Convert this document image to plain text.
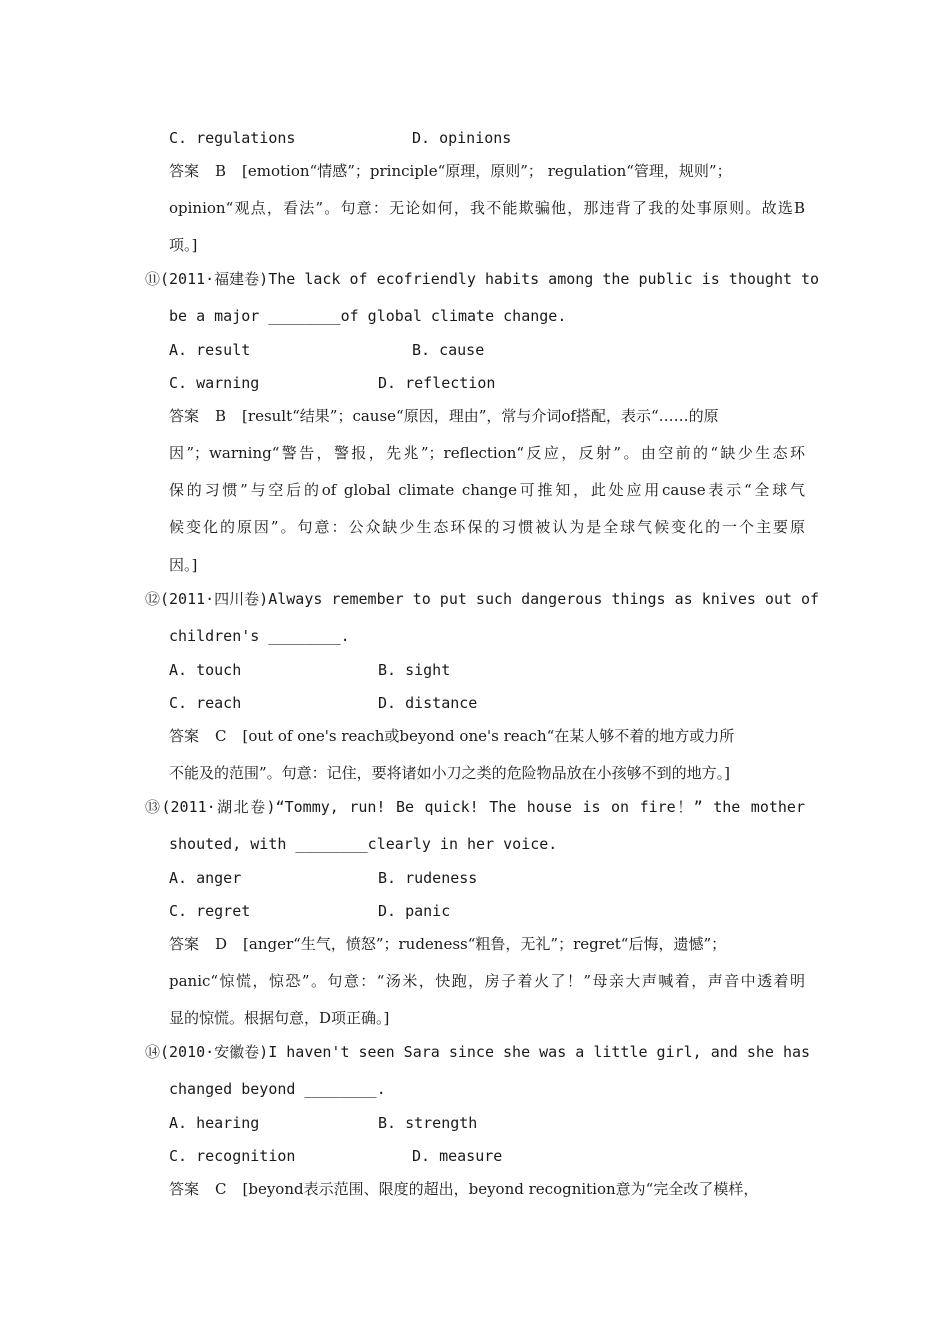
C. regulations	D. opinions
答案 B [emotion“情感”；principle“原理，原则”； regulation“管理，规则”；
opinion“观点，看法”。句意：无论如何，我不能欺骗他，那违背了我的处事原则。故选B
项。]
⑪(2011·福建卷)The lack of ecofriendly habits among the public is thought to
be a major ________of global climate change.
A. result	B. cause
C. warning	D. reflection
答案 B [result“结果”；cause“原因，理由”，常与介词of搭配，表示“……的原
因”；warning“警告，警报，先兆”；reflection“反应，反射”。由空前的“缺少生态环
保的习惯”与空后的of global climate change可推知，此处应用cause表示“全球气
候变化的原因”。句意：公众缺少生态环保的习惯被认为是全球气候变化的一个主要原
因。]
⑫(2011·四川卷)Always remember to put such dangerous things as knives out of
children's ________.
A. touch	B. sight
C. reach	D. distance
答案 C [out of one's reach或beyond one's reach“在某人够不着的地方或力所
不能及的范围”。句意：记住，要将诸如小刀之类的危险物品放在小孩够不到的地方。]
⑬(2011·湖北卷)“Tommy, run! Be quick! The house is on fire！” the mother
shouted, with ________clearly in her voice.
A. anger	B. rudeness
C. regret	D. panic
答案 D [anger“生气，愤怒”；rudeness“粗鲁，无礼”；regret“后悔，遗憾”；
panic“惊慌，惊恐”。句意：“汤米，快跑，房子着火了！”母亲大声喊着，声音中透着明
显的惊慌。根据句意，D项正确。]
⑭(2010·安徽卷)I haven't seen Sara since she was a little girl, and she has
changed beyond ________.
A. hearing	B. strength
C. recognition	D. measure
答案 C [beyond表示范围、限度的超出，beyond recognition意为“完全改了模样，
